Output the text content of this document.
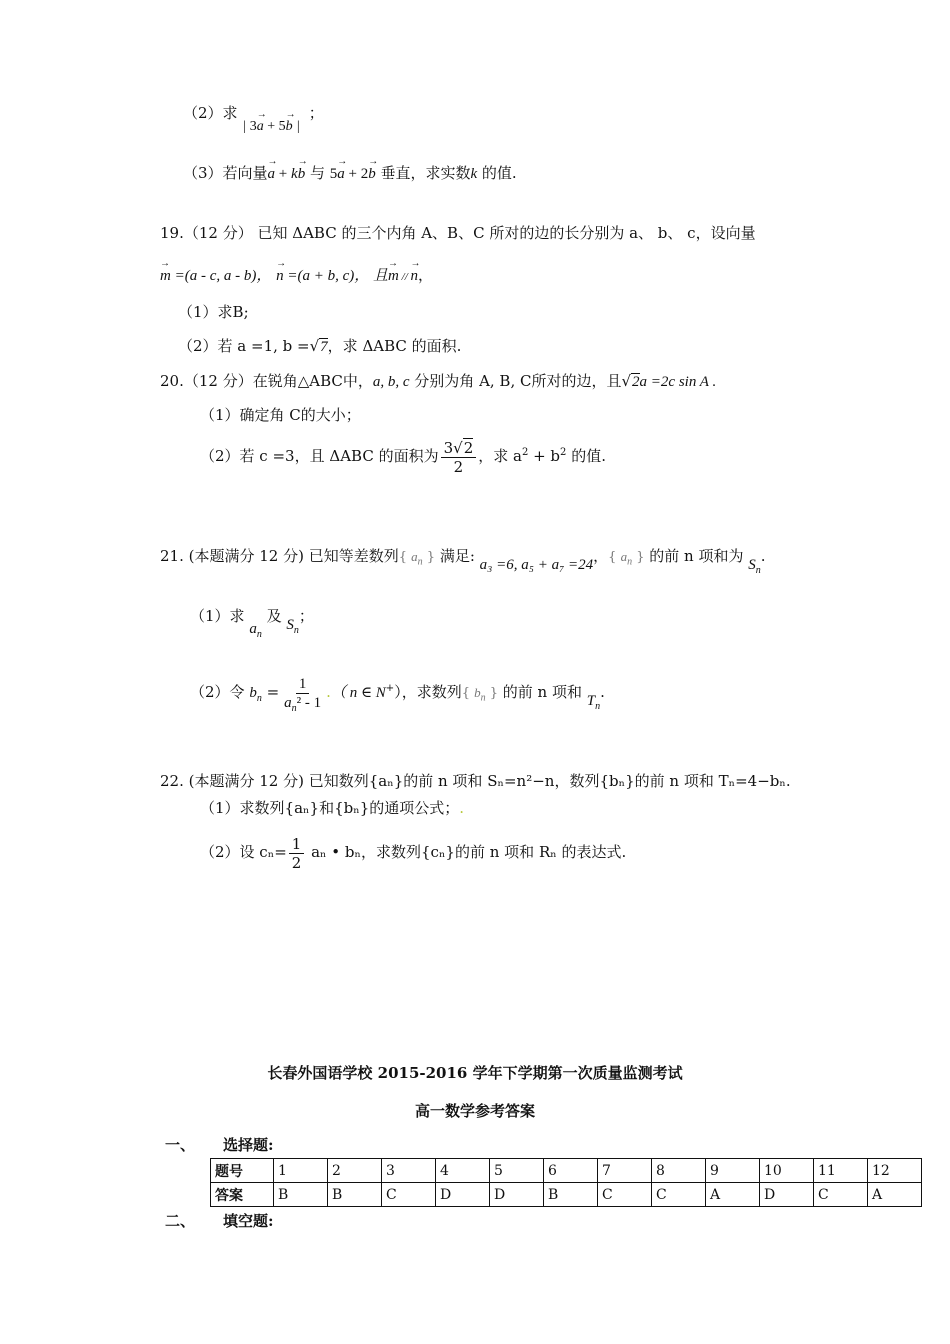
（2）求 | 3→ a + 5→ b | ；
（3）若向量→ a + k→ b 与 5→ a + 2→ b 垂直，求实数k 的值.
19.（12 分） 已知 ΔABC 的三个内角 A、B、C 所对的边的长分别为 a、 b、 c，设向量
→ m =(a - c, a - b)， → n =(a + b, c)， 且→ m // → n，
（1）求B;
（2）若 a =1, b =√7，求 ΔABC 的面积.
20.（12 分）在锐角△ABC中，a, b, c 分别为角 A, B, C所对的边，且√2a =2c sin A .
（1）确定角 C的大小；
（2）若 c =3，且 ΔABC 的面积为 $\frac{3√2}{2}$ ，求 $a^2 + b^2$ 的值.
21. (本题满分 12 分) 已知等差数列{ $a_n$ } 满足: a₃ =6, a₅ + a₇ =24，{ $a_n$ } 的前 n 项和为 $S_n$.
（1）求 $a_n$ 及 $S_n$；
（2）令 $b_n = \frac{1}{a_n^2 - 1}$ .（ n ∈ N+），求数列{ $b_n$ } 的前 n 项和 $T_n$.
22. (本题满分 12 分) 已知数列{aₙ}的前 n 项和 Sₙ=n²−n，数列{bₙ}的前 n 项和 Tₙ=4−bₙ.
（1）求数列{aₙ}和{bₙ}的通项公式；.
（2）设 $c_n= \frac{1}{2}$ aₙ • bₙ，求数列{cₙ}的前 n 项和 Rₙ 的表达式.
长春外国语学校 2015-2016 学年下学期第一次质量监测考试
高一数学参考答案
一、 选择题:
题号	1	2	3	4	5	6	7	8	9	10	11	12
答案	B	B	C	D	D	B	C	C	A	D	C	A
二、 填空题:
